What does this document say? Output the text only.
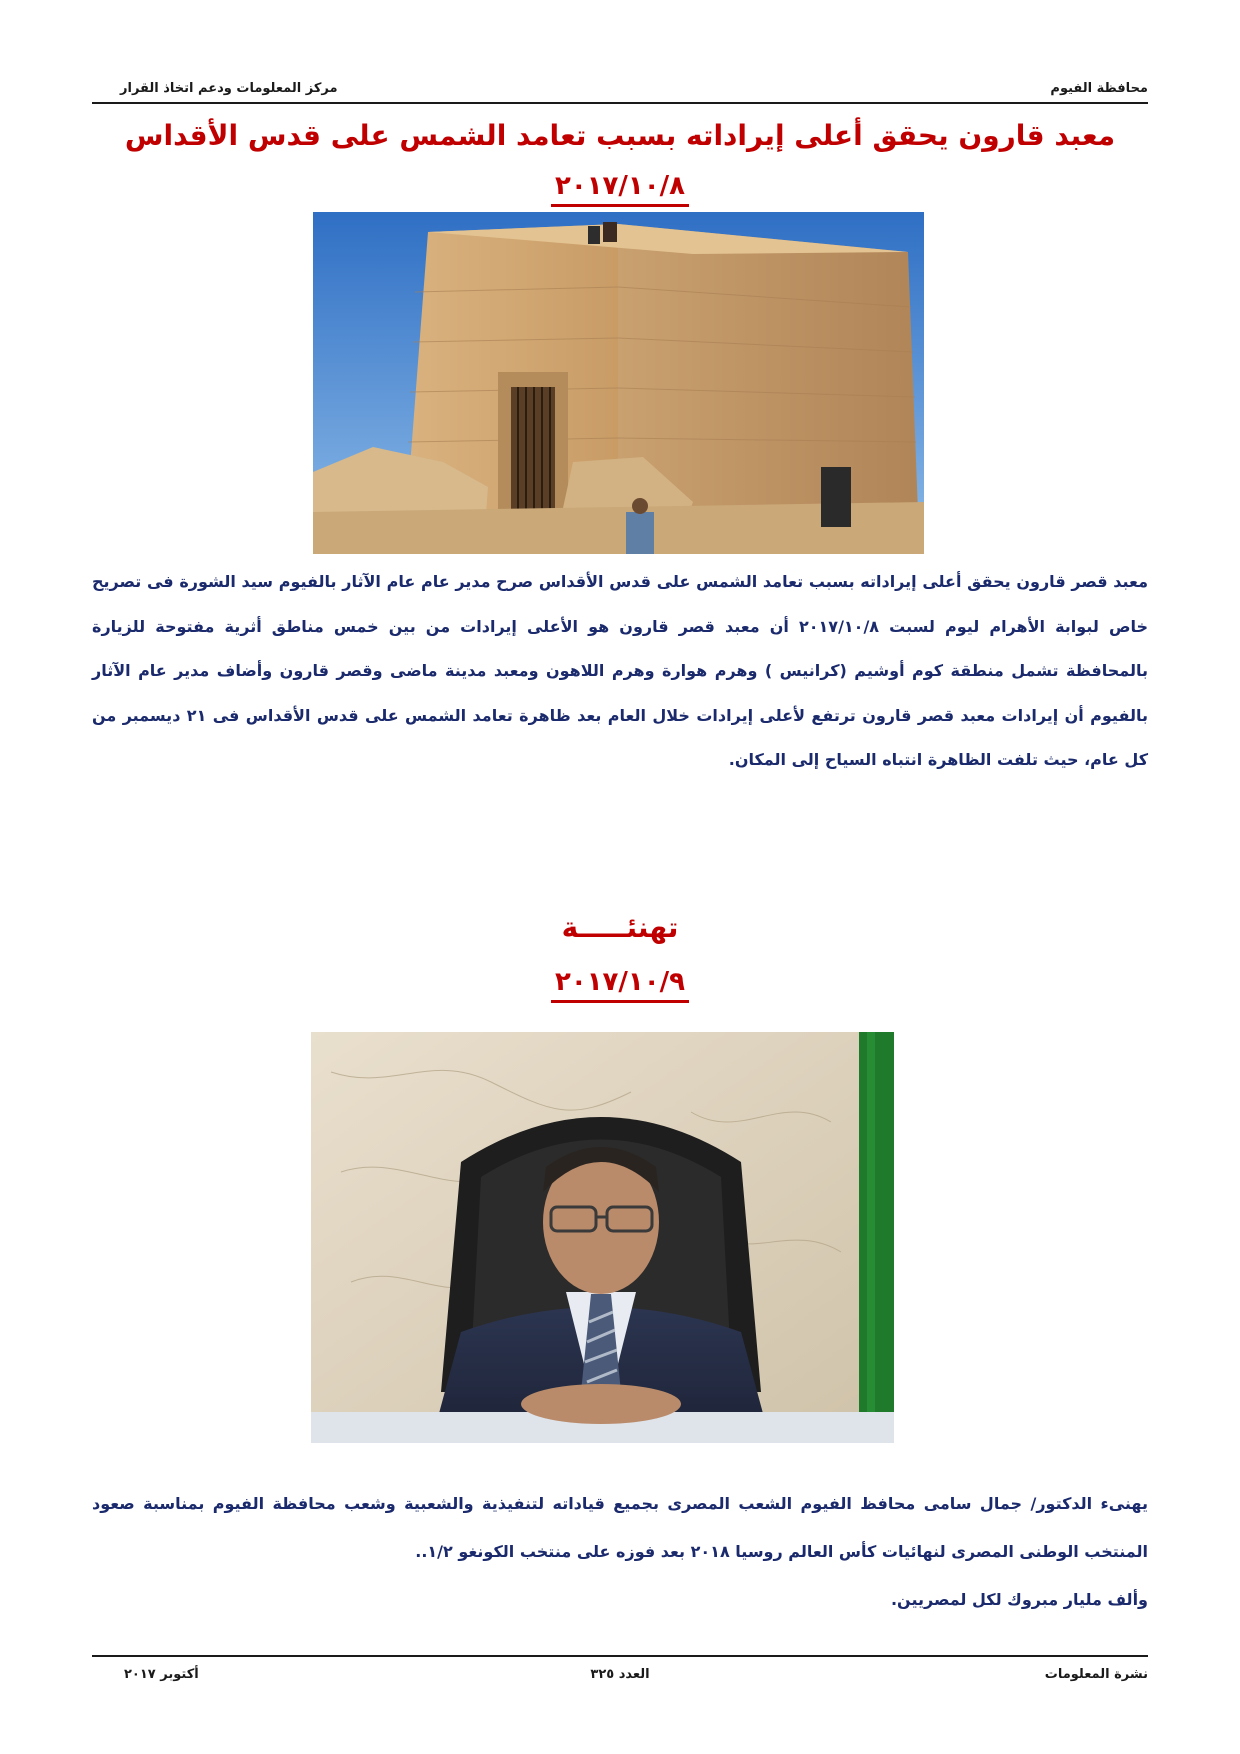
محافظة الفيوم
مركز المعلومات ودعم اتخاذ القرار
معبد قارون يحقق أعلى إيراداته بسبب تعامد الشمس على قدس الأقداس
٢٠١٧/١٠/٨

معبد قصر قارون يحقق أعلى إيراداته بسبب تعامد الشمس على قدس الأقداس صرح مدير عام عام الآثار بالفيوم سيد الشورة فى تصريح خاص لبوابة الأهرام ليوم لسبت ٢٠١٧/١٠/٨ أن معبد قصر قارون هو الأعلى إيرادات من بين خمس مناطق أثرية مفتوحة للزيارة بالمحافظة تشمل منطقة كوم أوشيم (كرانيس ) وهرم هوارة وهرم اللاهون ومعبد مدينة ماضى وقصر قارون وأضاف مدير عام الآثار بالفيوم أن إيرادات معبد قصر قارون ترتفع لأعلى إيرادات خلال العام بعد ظاهرة تعامد الشمس على قدس الأقداس فى ٢١ ديسمبر من كل عام، حيث تلفت الظاهرة انتباه السياح إلى المكان.

تهنئـــــة
٢٠١٧/١٠/٩

يهنىء الدكتور/ جمال سامى محافظ الفيوم الشعب المصرى بجميع قياداته لتنفيذية والشعبية وشعب محافظة الفيوم بمناسبة صعود المنتخب الوطنى المصرى لنهائيات كأس العالم روسيا ٢٠١٨ بعد فوزه على منتخب الكونغو ١/٢..

وألف مليار مبروك لكل لمصريين.
نشرة المعلومات
العدد ٣٢٥
أكتوبر ٢٠١٧
